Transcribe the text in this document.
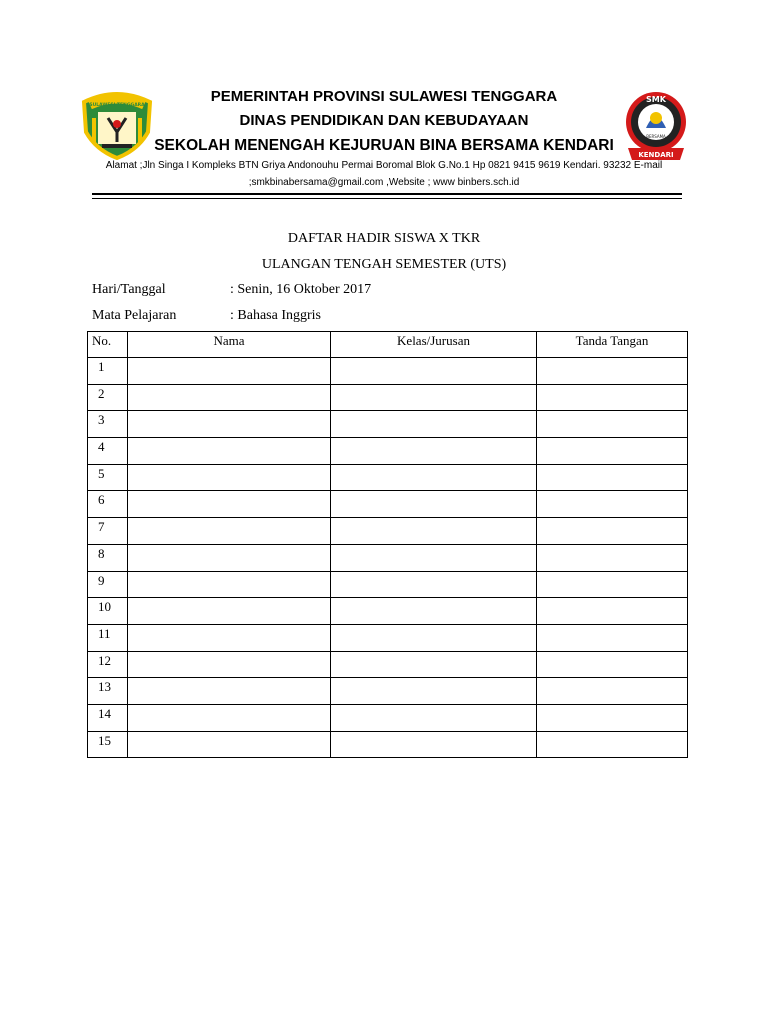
SULAWESI TENGGARA
SMK
BERSAMA
KENDARI
PEMERINTAH PROVINSI SULAWESI TENGGARA
DINAS PENDIDIKAN DAN KEBUDAYAAN
SEKOLAH MENENGAH KEJURUAN BINA BERSAMA KENDARI
Alamat ;Jln Singa I Kompleks BTN Griya Andonouhu Permai Boromal Blok G.No.1 Hp 0821 9415 9619 Kendari. 93232 E-mail
;smkbinabersama@gmail.com ,Website ; www binbers.sch.id
DAFTAR HADIR SISWA X TKR
ULANGAN TENGAH SEMESTER (UTS)
Hari/Tanggal	: Senin, 16 Oktober 2017
Mata Pelajaran	: Bahasa Inggris
No.	Nama	Kelas/Jurusan	Tanda Tangan
1			
2			
3			
4			
5			
6			
7			
8			
9			
10			
11			
12			
13			
14			
15			
